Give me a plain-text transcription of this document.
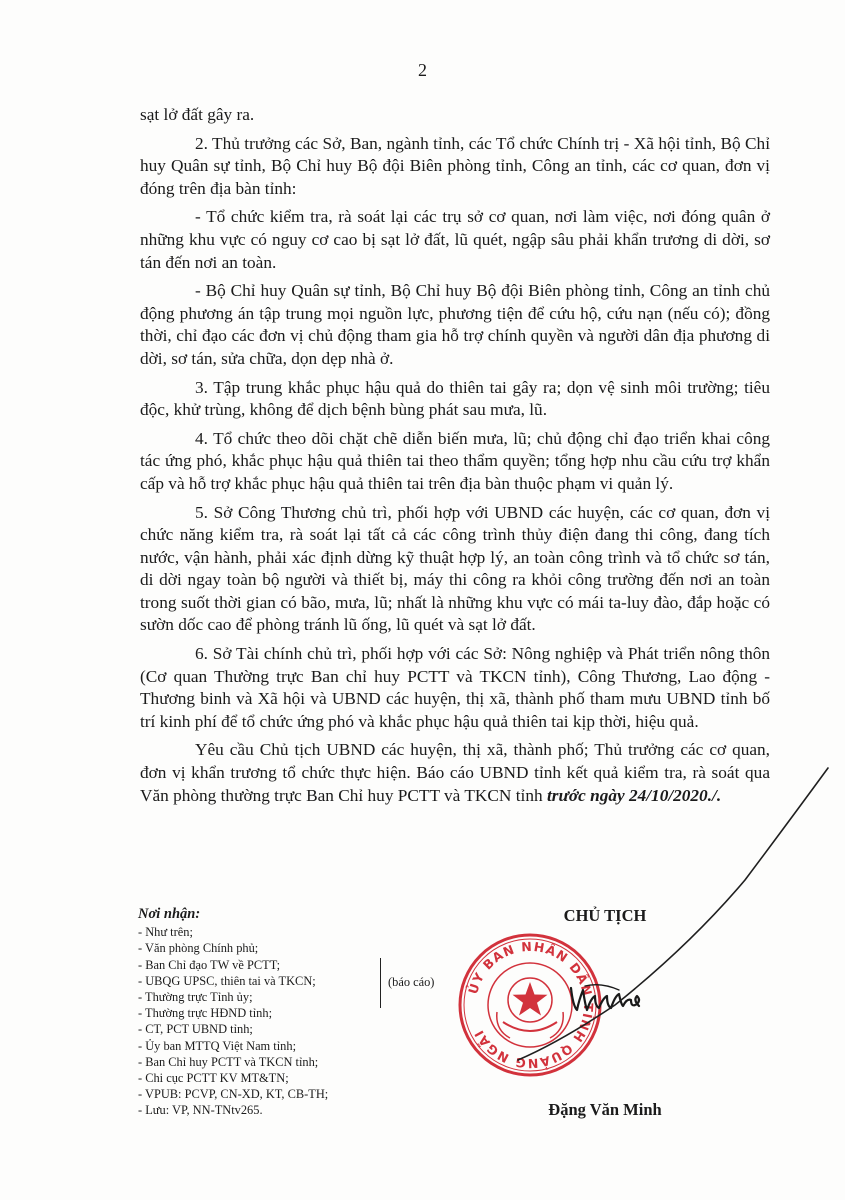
2

sạt lở đất gây ra.

2. Thủ trưởng các Sở, Ban, ngành tỉnh, các Tổ chức Chính trị - Xã hội tỉnh, Bộ Chỉ huy Quân sự tỉnh, Bộ Chỉ huy Bộ đội Biên phòng tỉnh, Công an tỉnh, các cơ quan, đơn vị đóng trên địa bàn tỉnh:

- Tổ chức kiểm tra, rà soát lại các trụ sở cơ quan, nơi làm việc, nơi đóng quân ở những khu vực có nguy cơ cao bị sạt lở đất, lũ quét, ngập sâu phải khẩn trương di dời, sơ tán đến nơi an toàn.

- Bộ Chỉ huy Quân sự tỉnh, Bộ Chỉ huy Bộ đội Biên phòng tỉnh, Công an tỉnh chủ động phương án tập trung mọi nguồn lực, phương tiện để cứu hộ, cứu nạn (nếu có); đồng thời, chỉ đạo các đơn vị chủ động tham gia hỗ trợ chính quyền và người dân địa phương di dời, sơ tán, sửa chữa, dọn dẹp nhà ở.

3. Tập trung khắc phục hậu quả do thiên tai gây ra; dọn vệ sinh môi trường; tiêu độc, khử trùng, không để dịch bệnh bùng phát sau mưa, lũ.

4. Tổ chức theo dõi chặt chẽ diễn biến mưa, lũ; chủ động chỉ đạo triển khai công tác ứng phó, khắc phục hậu quả thiên tai theo thẩm quyền; tổng hợp nhu cầu cứu trợ khẩn cấp và hỗ trợ khắc phục hậu quả thiên tai trên địa bàn thuộc phạm vi quản lý.

5. Sở Công Thương chủ trì, phối hợp với UBND các huyện, các cơ quan, đơn vị chức năng kiểm tra, rà soát lại tất cả các công trình thủy điện đang thi công, đang tích nước, vận hành, phải xác định dừng kỹ thuật hợp lý, an toàn công trình và tổ chức sơ tán, di dời ngay toàn bộ người và thiết bị, máy thi công ra khỏi công trường đến nơi an toàn trong suốt thời gian có bão, mưa, lũ; nhất là những khu vực có mái ta-luy đào, đắp hoặc có sườn dốc cao để phòng tránh lũ ống, lũ quét và sạt lở đất.

6. Sở Tài chính chủ trì, phối hợp với các Sở: Nông nghiệp và Phát triển nông thôn (Cơ quan Thường trực Ban chỉ huy PCTT và TKCN tỉnh), Công Thương, Lao động - Thương binh và Xã hội và UBND các huyện, thị xã, thành phố tham mưu UBND tỉnh bố trí kinh phí để tổ chức ứng phó và khắc phục hậu quả thiên tai kịp thời, hiệu quả.

Yêu cầu Chủ tịch UBND các huyện, thị xã, thành phố; Thủ trưởng các cơ quan, đơn vị khẩn trương tổ chức thực hiện. Báo cáo UBND tỉnh kết quả kiểm tra, rà soát qua Văn phòng thường trực Ban Chỉ huy PCTT và TKCN tỉnh trước ngày 24/10/2020./.

Nơi nhận:
- Như trên;
- Văn phòng Chính phủ;
- Ban Chỉ đạo TW về PCTT;
- UBQG UPSC, thiên tai và TKCN;
- Thường trực Tỉnh ủy;
- Thường trực HĐND tỉnh;
- CT, PCT UBND tỉnh;
- Ủy ban MTTQ Việt Nam tỉnh;
- Ban Chỉ huy PCTT và TKCN tỉnh;
- Chi cục PCTT KV MT&TN;
- VPUB: PCVP, CN-XD, KT, CB-TH;
- Lưu: VP, NN-TNtv265.
(báo cáo)
CHỦ TỊCH
ỦY BAN NHÂN DÂN TỈNH QUẢNG NGÃI
Đặng Văn Minh
